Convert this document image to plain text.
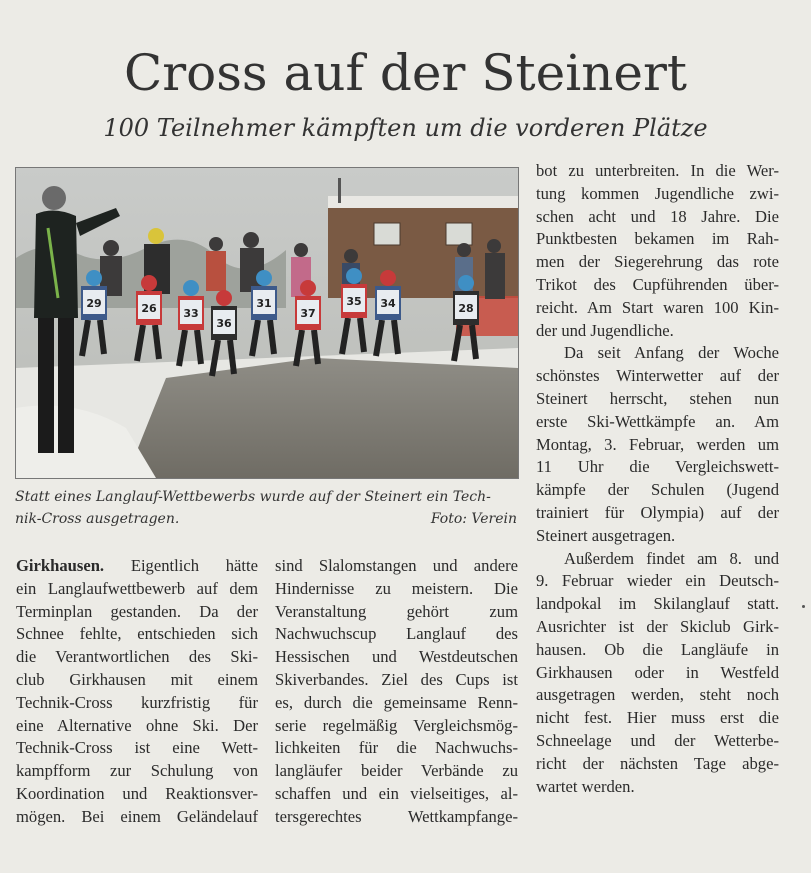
Cross auf der Steinert
100 Teilnehmer kämpften um die vorderen Plätze
29	26 33
36
31
37
35 34	28
Statt eines Langlauf-Wettbewerbs wurde auf der Steinert ein Tech-
nik-Cross ausgetragen.	Foto: Verein
Girkhausen. Eigentlich hätte
ein Langlaufwettbewerb auf dem
Terminplan gestanden. Da der
Schnee fehlte, entschieden sich
die Verantwortlichen des Ski-
club Girkhausen mit einem
Technik-Cross kurzfristig für
eine Alternative ohne Ski. Der
Technik-Cross ist eine Wett-
kampfform zur Schulung von
Koordination und Reaktionsver-
mögen. Bei einem Geländelauf
sind Slalomstangen und andere
Hindernisse zu meistern. Die
Veranstaltung gehört zum
Nachwuchscup Langlauf des
Hessischen und Westdeutschen
Skiverbandes. Ziel des Cups ist
es, durch die gemeinsame Renn-
serie regelmäßig Vergleichsmög-
lichkeiten für die Nachwuchs-
langläufer beider Verbände zu
schaffen und ein vielseitiges, al-
tersgerechtes Wettkampfange-
bot zu unterbreiten. In die Wer-
tung kommen Jugendliche zwi-
schen acht und 18 Jahre. Die
Punktbesten bekamen im Rah-
men der Siegerehrung das rote
Trikot des Cupführenden über-
reicht. Am Start waren 100 Kin-
der und Jugendliche.
Da seit Anfang der Woche
schönstes Winterwetter auf der
Steinert herrscht, stehen nun
erste Ski-Wettkämpfe an. Am
Montag, 3. Februar, werden um
11 Uhr die Vergleichswett-
kämpfe der Schulen (Jugend
trainiert für Olympia) auf der
Steinert ausgetragen.
Außerdem findet am 8. und
9. Februar wieder ein Deutsch-
landpokal im Skilanglauf statt.
Ausrichter ist der Skiclub Girk-
hausen. Ob die Langläufe in
Girkhausen oder in Westfeld
ausgetragen werden, steht noch
nicht fest. Hier muss erst die
Schneelage und der Wetterbe-
richt der nächsten Tage abge-
wartet werden.
